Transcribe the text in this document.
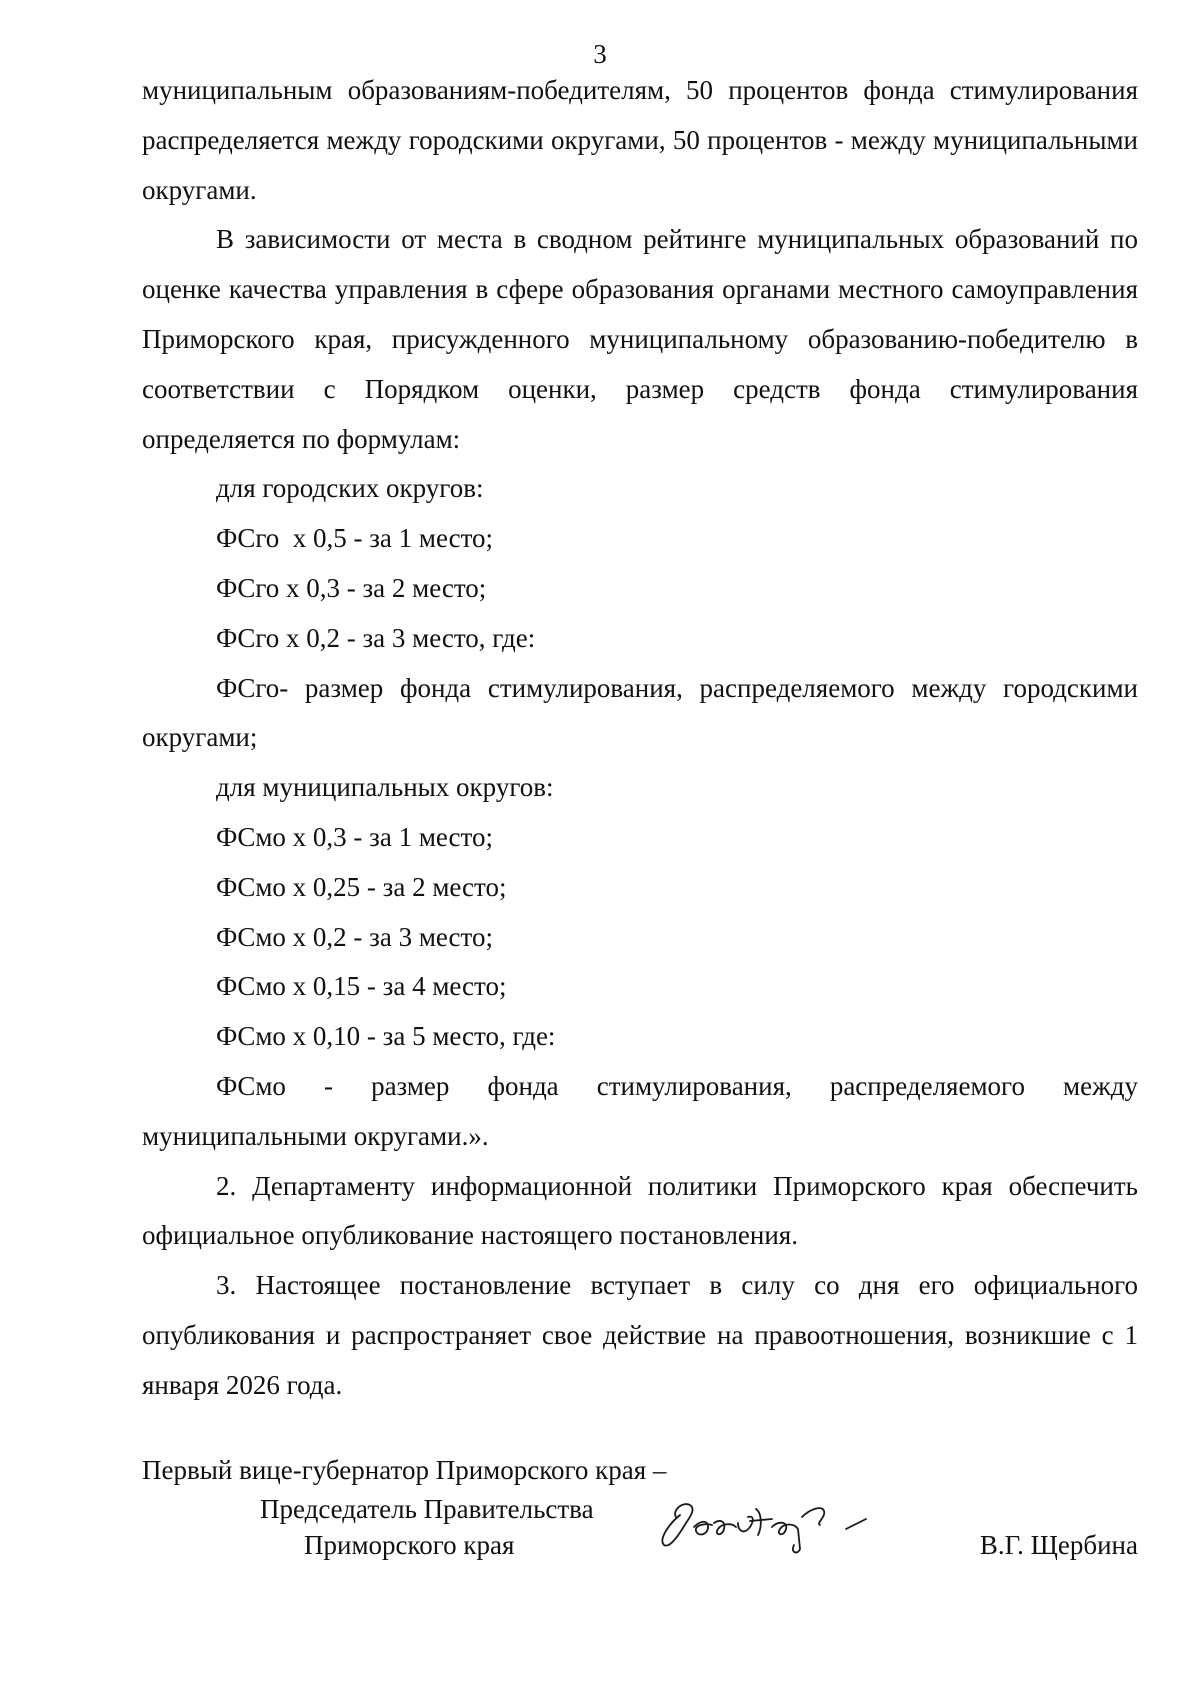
3

муниципальным образованиям-победителям, 50 процентов фонда стимулирования распределяется между городскими округами, 50 процентов - между муниципальными округами.

В зависимости от места в сводном рейтинге муниципальных образований по оценке качества управления в сфере образования органами местного самоуправления Приморского края, присужденного муниципальному образованию-победителю в соответствии с Порядком оценки, размер средств фонда стимулирования определяется по формулам:

для городских округов:

ФСго  х 0,5 - за 1 место;

ФСго х 0,3 - за 2 место;

ФСго х 0,2 - за 3 место, где:

ФСго- размер фонда стимулирования, распределяемого между городскими округами;

для муниципальных округов:

ФСмо х 0,3 - за 1 место;

ФСмо х 0,25 - за 2 место;

ФСмо х 0,2 - за 3 место;

ФСмо х 0,15 - за 4 место;

ФСмо х 0,10 - за 5 место, где:

ФСмо - размер фонда стимулирования, распределяемого между муниципальными округами.».

2. Департаменту информационной политики Приморского края обеспечить официальное опубликование настоящего постановления.

3. Настоящее постановление вступает в силу со дня его официального опубликования и распространяет свое действие на правоотношения, возникшие с 1 января 2026 года.

Первый вице-губернатор Приморского края –
Председатель Правительства
Приморского края	В.Г. Щербина
